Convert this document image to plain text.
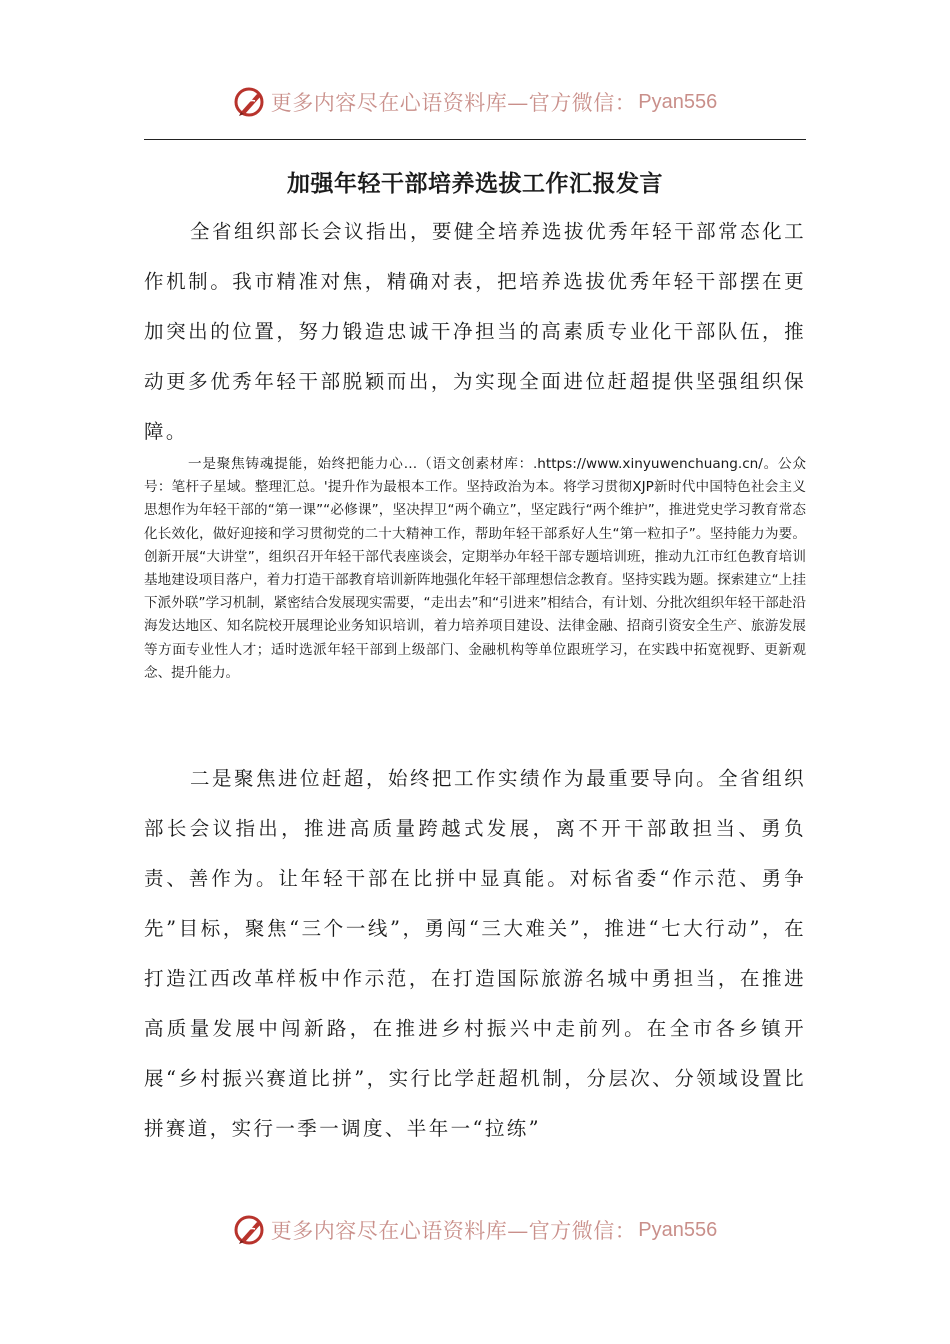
更多内容尽在心语资料库—官方微信： Pyan556
加强年轻干部培养选拔工作汇报发言

全省组织部长会议指出，要健全培养选拔优秀年轻干部常态化工作机制。我市精准对焦，精确对表，把培养选拔优秀年轻干部摆在更加突出的位置，努力锻造忠诚干净担当的高素质专业化干部队伍，推动更多优秀年轻干部脱颖而出，为实现全面进位赶超提供坚强组织保障。

一是聚焦铸魂提能，始终把能力心…（语文创素材库：.https://www.xinyuwenchuang.cn/。公众号：笔杆子星域。整理汇总。'提升作为最根本工作。坚持政治为本。将学习贯彻XJP新时代中国特色社会主义思想作为年轻干部的“第一课”“必修课”，坚决捍卫“两个确立”，坚定践行“两个维护”，推进党史学习教育常态化长效化，做好迎接和学习贯彻党的二十大精神工作，帮助年轻干部系好人生“第一粒扣子”。坚持能力为要。创新开展“大讲堂”，组织召开年轻干部代表座谈会，定期举办年轻干部专题培训班，推动九江市红色教育培训基地建设项目落户，着力打造干部教育培训新阵地强化年轻干部理想信念教育。坚持实践为题。探索建立“上挂下派外联”学习机制，紧密结合发展现实需要，“走出去”和“引进来”相结合，有计划、分批次组织年轻干部赴沿海发达地区、知名院校开展理论业务知识培训，着力培养项目建设、法律金融、招商引资安全生产、旅游发展等方面专业性人才；适时选派年轻干部到上级部门、金融机构等单位跟班学习，在实践中拓宽视野、更新观念、提升能力。

二是聚焦进位赶超，始终把工作实绩作为最重要导向。全省组织部长会议指出，推进高质量跨越式发展，离不开干部敢担当、勇负责、善作为。让年轻干部在比拼中显真能。对标省委“作示范、勇争先”目标，聚焦“三个一线”，勇闯“三大难关”，推进“七大行动”，在打造江西改革样板中作示范，在打造国际旅游名城中勇担当，在推进高质量发展中闯新路，在推进乡村振兴中走前列。在全市各乡镇开展“乡村振兴赛道比拼”，实行比学赶超机制，分层次、分领域设置比拼赛道，实行一季一调度、半年一“拉练”

更多内容尽在心语资料库—官方微信： Pyan556
